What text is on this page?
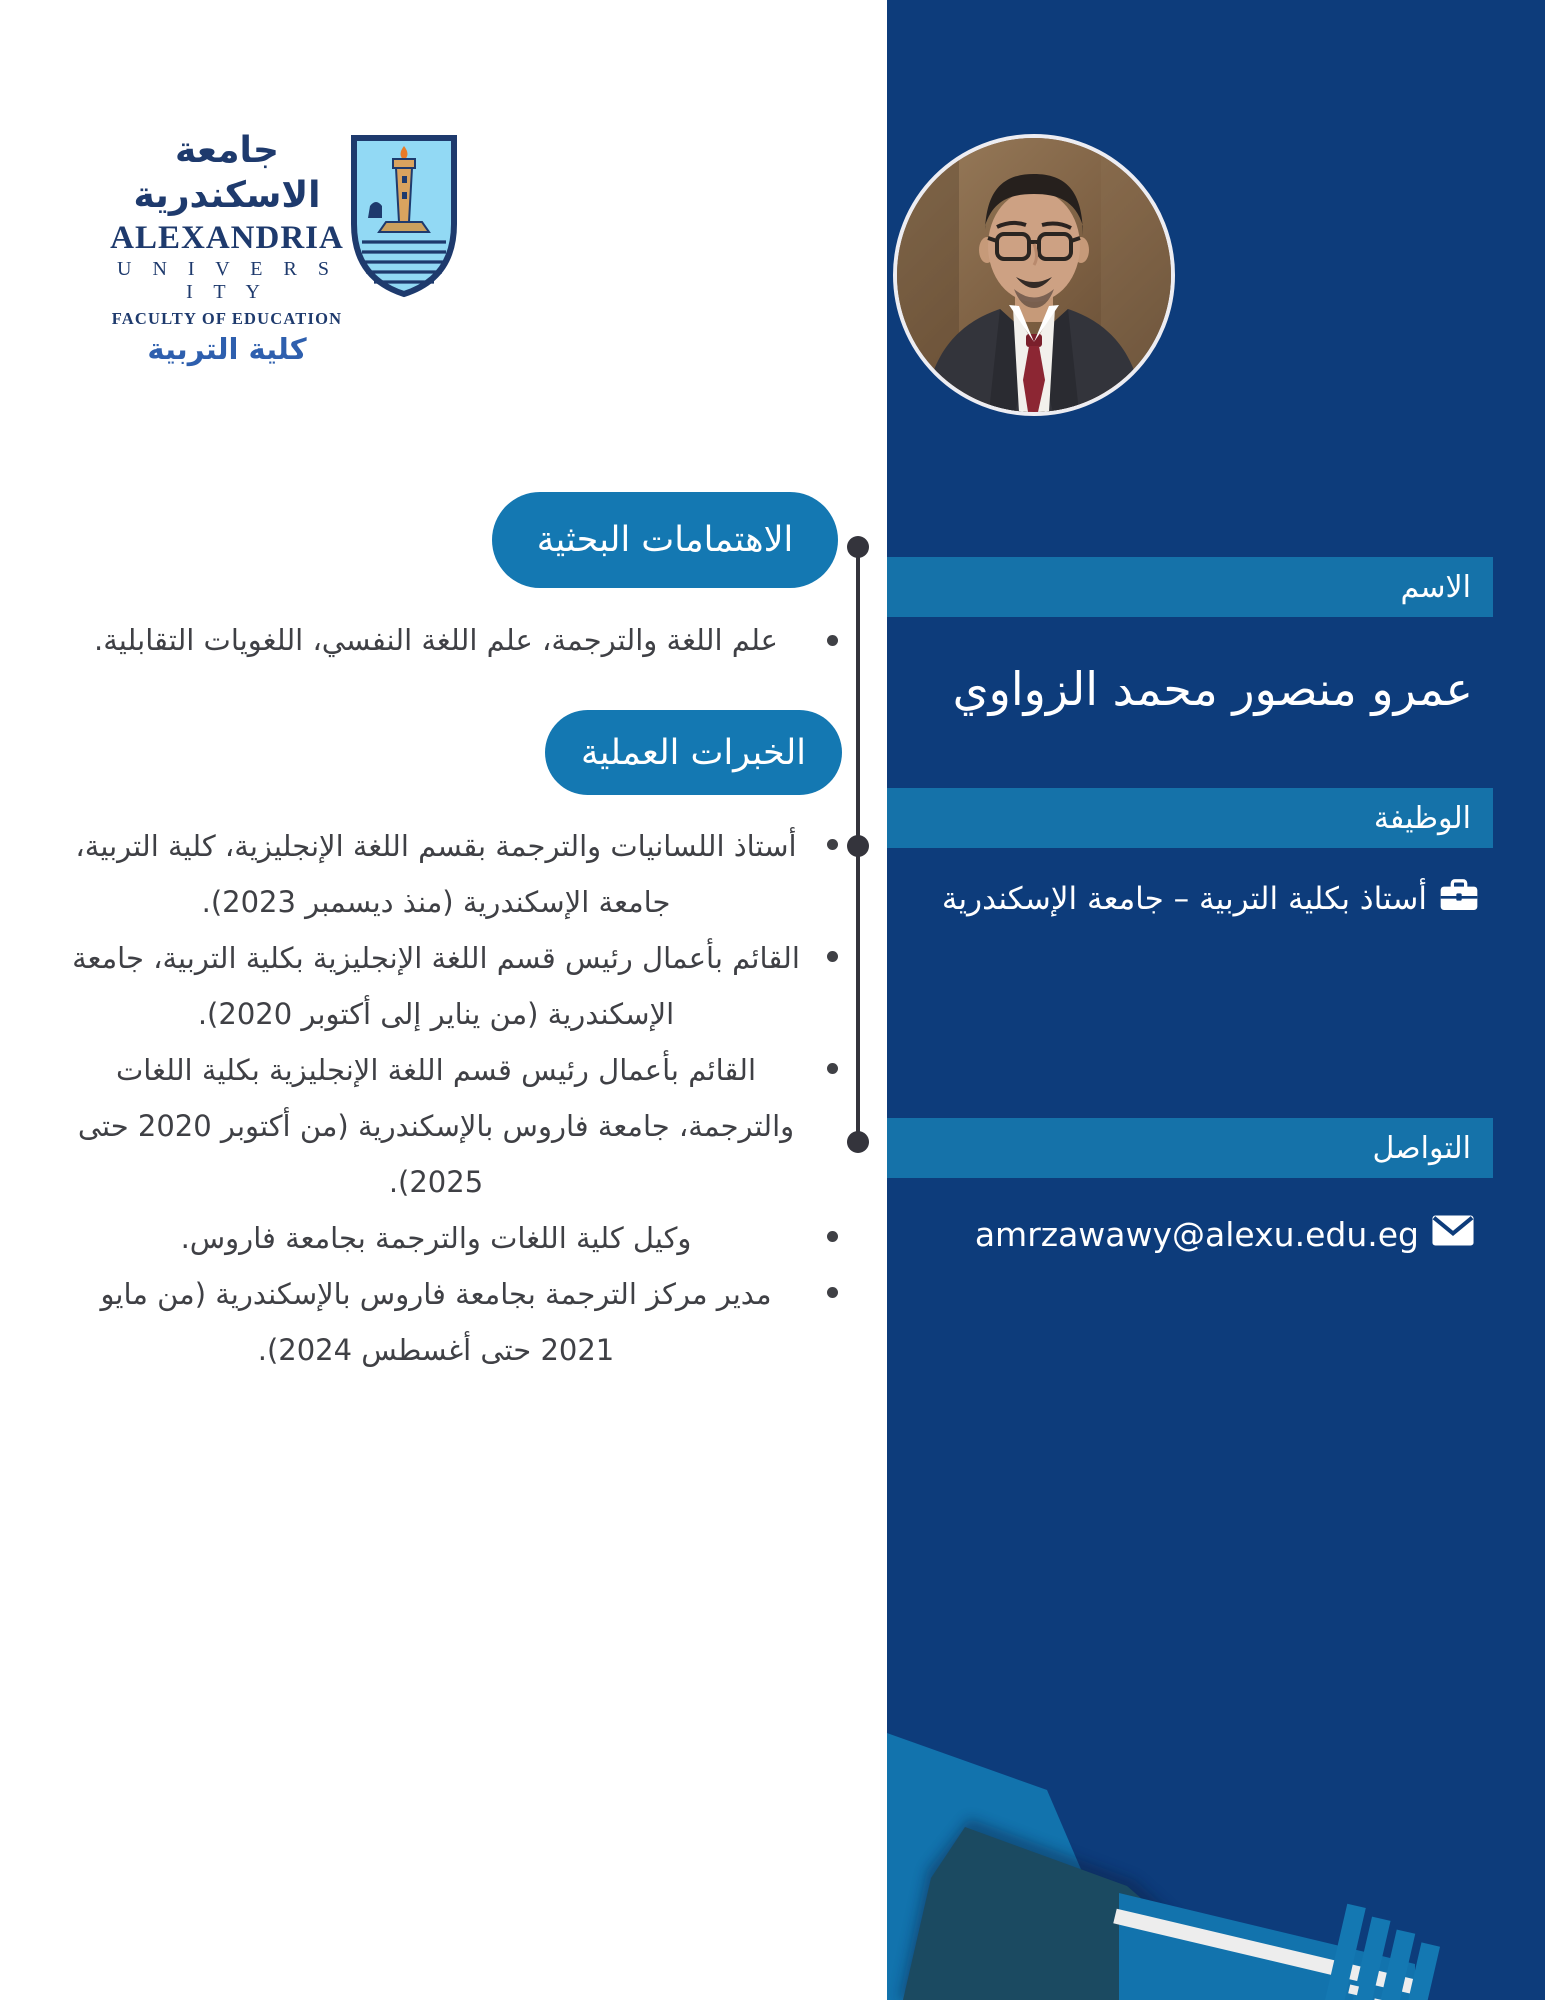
جامعة الاسكندرية
ALEXANDRIA
U N I V E R S I T Y
FACULTY OF EDUCATION
كلية التربية
الاهتمامات البحثية
علم اللغة والترجمة، علم اللغة النفسي، اللغويات التقابلية.
الخبرات العملية
أستاذ اللسانيات والترجمة بقسم اللغة الإنجليزية، كلية التربية، جامعة الإسكندرية (منذ ديسمبر 2023).
القائم بأعمال رئيس قسم اللغة الإنجليزية بكلية التربية، جامعة الإسكندرية (من يناير إلى أكتوبر 2020).
القائم بأعمال رئيس قسم اللغة الإنجليزية بكلية اللغات والترجمة، جامعة فاروس بالإسكندرية (من أكتوبر 2020 حتى 2025).
وكيل كلية اللغات والترجمة بجامعة فاروس.
مدير مركز الترجمة بجامعة فاروس بالإسكندرية (من مايو 2021 حتى أغسطس 2024).
الاسم
عمرو منصور محمد الزواوي
الوظيفة
أستاذ بكلية التربية – جامعة الإسكندرية
التواصل
amrzawawy@alexu.edu.eg
